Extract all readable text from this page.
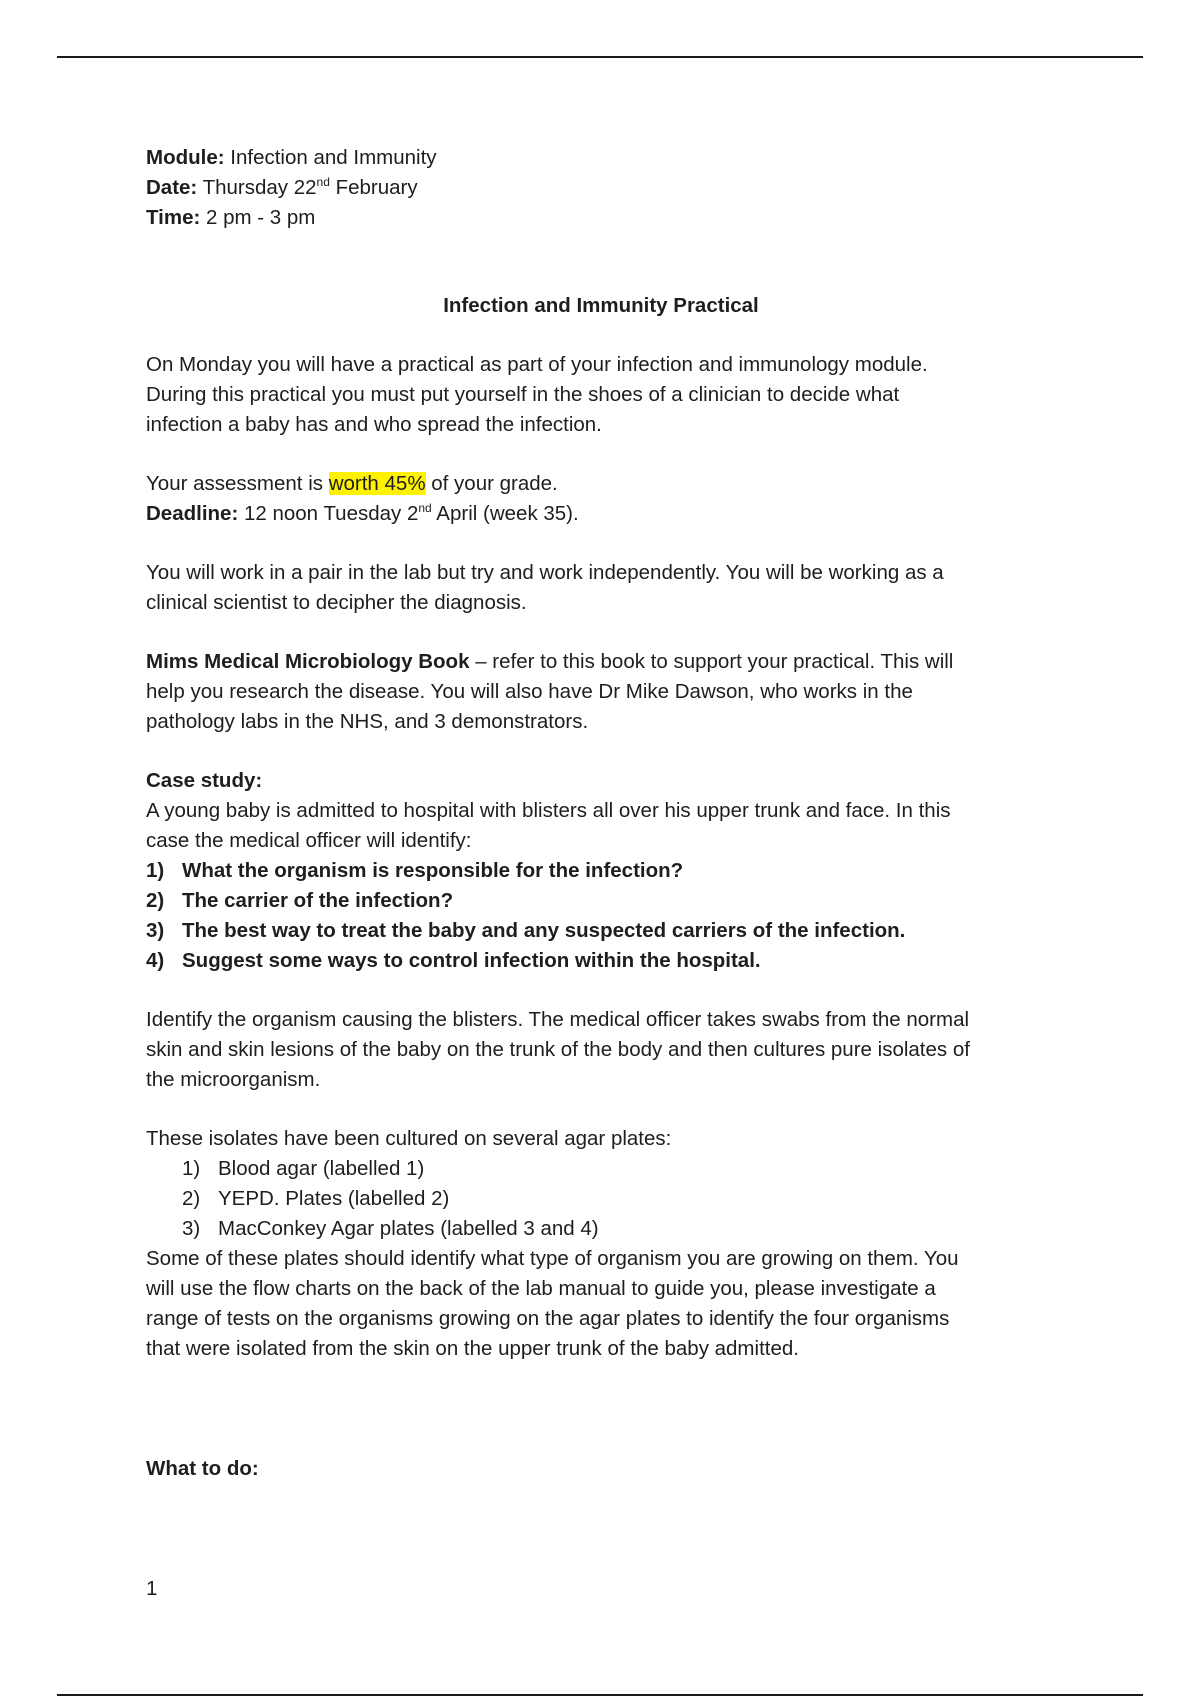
Module: Infection and Immunity
Date: Thursday 22nd February
Time: 2 pm - 3 pm
Infection and Immunity Practical
On Monday you will have a practical as part of your infection and immunology module.
During this practical you must put yourself in the shoes of a clinician to decide what
infection a baby has and who spread the infection.
Your assessment is worth 45% of your grade.
Deadline: 12 noon Tuesday 2nd April (week 35).
You will work in a pair in the lab but try and work independently. You will be working as a
clinical scientist to decipher the diagnosis.
Mims Medical Microbiology Book – refer to this book to support your practical. This will
help you research the disease. You will also have Dr Mike Dawson, who works in the
pathology labs in the NHS, and 3 demonstrators.
Case study:
A young baby is admitted to hospital with blisters all over his upper trunk and face. In this
case the medical officer will identify:
1) What the organism is responsible for the infection?
2) The carrier of the infection?
3) The best way to treat the baby and any suspected carriers of the infection.
4) Suggest some ways to control infection within the hospital.
Identify the organism causing the blisters. The medical officer takes swabs from the normal
skin and skin lesions of the baby on the trunk of the body and then cultures pure isolates of
the microorganism.
These isolates have been cultured on several agar plates:
1) Blood agar (labelled 1)
2) YEPD. Plates (labelled 2)
3) MacConkey Agar plates (labelled 3 and 4)
Some of these plates should identify what type of organism you are growing on them. You
will use the flow charts on the back of the lab manual to guide you, please investigate a
range of tests on the organisms growing on the agar plates to identify the four organisms
that were isolated from the skin on the upper trunk of the baby admitted.
What to do:
1
